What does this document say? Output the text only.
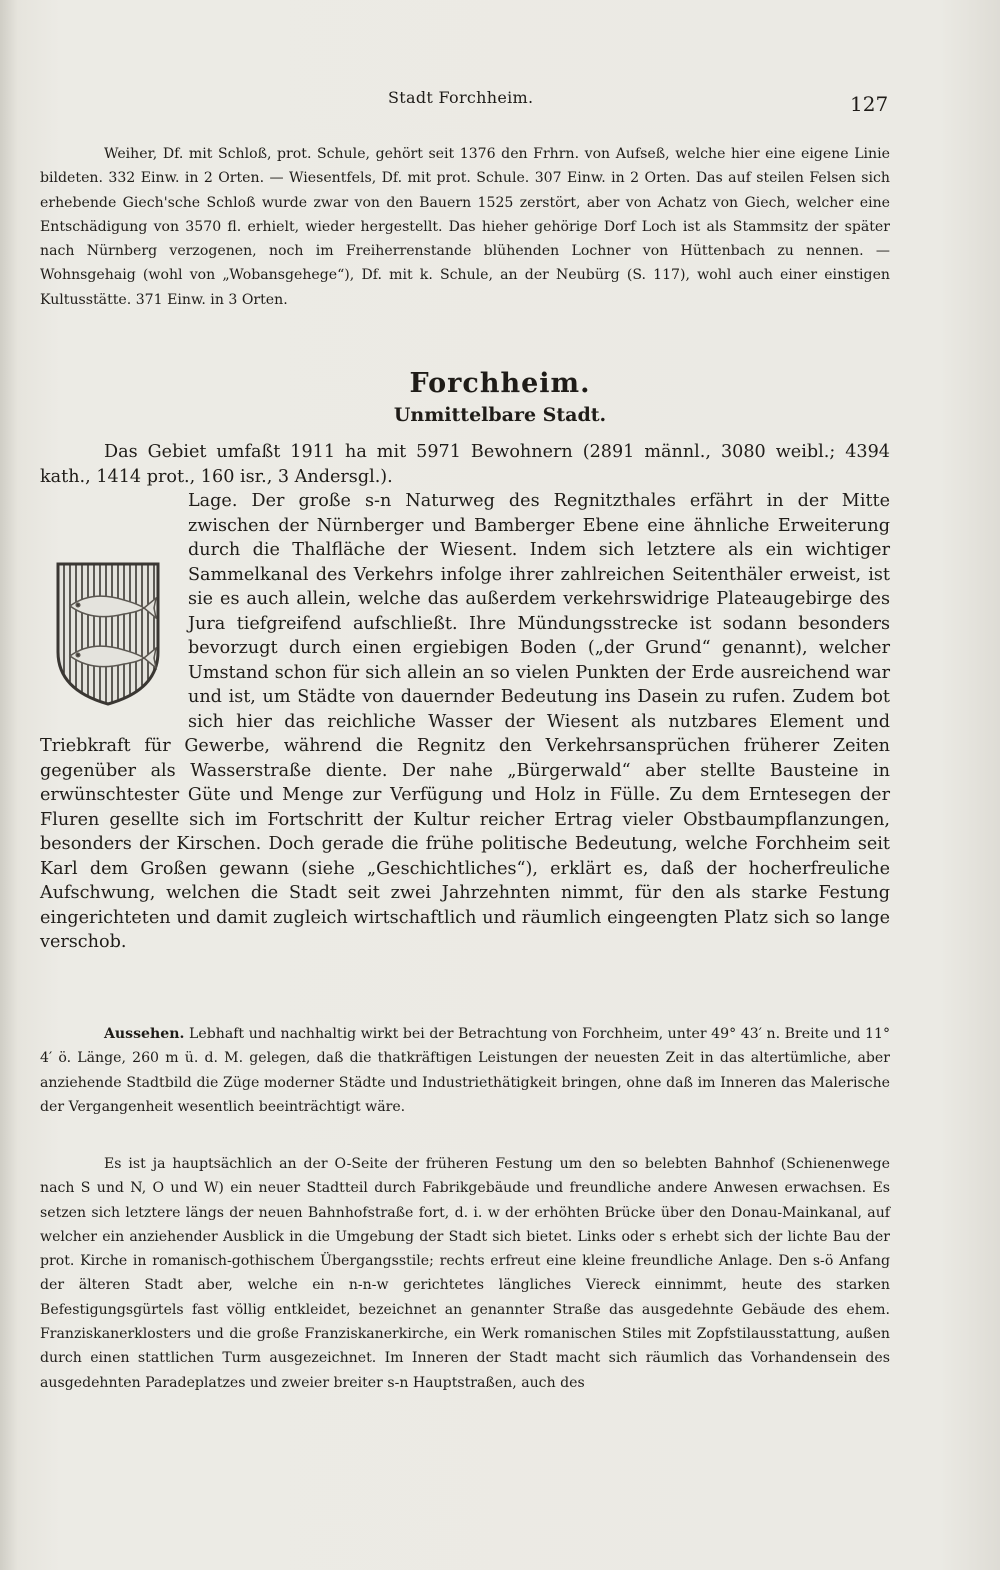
Stadt Forchheim.	127

Weiher, Df. mit Schloß, prot. Schule, gehört seit 1376 den Frhrn. von Aufseß, welche hier eine eigene Linie bildeten. 332 Einw. in 2 Orten. — Wiesentfels, Df. mit prot. Schule. 307 Einw. in 2 Orten. Das auf steilen Felsen sich erhebende Giech'sche Schloß wurde zwar von den Bauern 1525 zerstört, aber von Achatz von Giech, welcher eine Entschädigung von 3570 fl. erhielt, wieder hergestellt. Das hieher gehörige Dorf Loch ist als Stammsitz der später nach Nürnberg verzogenen, noch im Freiherrenstande blühenden Lochner von Hüttenbach zu nennen. — Wohnsgehaig (wohl von „Wobansgehege“), Df. mit k. Schule, an der Neubürg (S. 117), wohl auch einer einstigen Kultusstätte. 371 Einw. in 3 Orten.

Forchheim.
Unmittelbare Stadt.

Das Gebiet umfaßt 1911 ha mit 5971 Bewohnern (2891 männl., 3080 weibl.; 4394 kath., 1414 prot., 160 isr., 3 Andersgl.).

Lage. Der große s-n Naturweg des Regnitzthales erfährt in der Mitte zwischen der Nürnberger und Bamberger Ebene eine ähnliche Erweiterung durch die Thalfläche der Wiesent. Indem sich letztere als ein wichtiger Sammelkanal des Verkehrs infolge ihrer zahlreichen Seitenthäler erweist, ist sie es auch allein, welche das außerdem verkehrswidrige Plateaugebirge des Jura tiefgreifend aufschließt. Ihre Mündungsstrecke ist sodann besonders bevorzugt durch einen ergiebigen Boden („der Grund“ genannt), welcher Umstand schon für sich allein an so vielen Punkten der Erde ausreichend war und ist, um Städte von dauernder Bedeutung ins Dasein zu rufen. Zudem bot sich hier das reichliche Wasser der Wiesent als nutzbares Element und Triebkraft für Gewerbe, während die Regnitz den Verkehrsansprüchen früherer Zeiten gegenüber als Wasserstraße diente. Der nahe „Bürgerwald“ aber stellte Bausteine in erwünschtester Güte und Menge zur Verfügung und Holz in Fülle. Zu dem Erntesegen der Fluren gesellte sich im Fortschritt der Kultur reicher Ertrag vieler Obstbaumpflanzungen, besonders der Kirschen. Doch gerade die frühe politische Bedeutung, welche Forchheim seit Karl dem Großen gewann (siehe „Geschichtliches“), erklärt es, daß der hocherfreuliche Aufschwung, welchen die Stadt seit zwei Jahrzehnten nimmt, für den als starke Festung eingerichteten und damit zugleich wirtschaftlich und räumlich eingeengten Platz sich so lange verschob.

Aussehen. Lebhaft und nachhaltig wirkt bei der Betrachtung von Forchheim, unter 49° 43′ n. Breite und 11° 4′ ö. Länge, 260 m ü. d. M. gelegen, daß die thatkräftigen Leistungen der neuesten Zeit in das altertümliche, aber anziehende Stadtbild die Züge moderner Städte und Industriethätigkeit bringen, ohne daß im Inneren das Malerische der Vergangenheit wesentlich beeinträchtigt wäre.

Es ist ja hauptsächlich an der O-Seite der früheren Festung um den so belebten Bahnhof (Schienenwege nach S und N, O und W) ein neuer Stadtteil durch Fabrikgebäude und freundliche andere Anwesen erwachsen. Es setzen sich letztere längs der neuen Bahnhofstraße fort, d. i. w der erhöhten Brücke über den Donau-Mainkanal, auf welcher ein anziehender Ausblick in die Umgebung der Stadt sich bietet. Links oder s erhebt sich der lichte Bau der prot. Kirche in romanisch-gothischem Übergangsstile; rechts erfreut eine kleine freundliche Anlage. Den s-ö Anfang der älteren Stadt aber, welche ein n-n-w gerichtetes längliches Viereck einnimmt, heute des starken Befestigungsgürtels fast völlig entkleidet, bezeichnet an genannter Straße das ausgedehnte Gebäude des ehem. Franziskanerklosters und die große Franziskanerkirche, ein Werk romanischen Stiles mit Zopfstilausstattung, außen durch einen stattlichen Turm ausgezeichnet. Im Inneren der Stadt macht sich räumlich das Vorhandensein des ausgedehnten Paradeplatzes und zweier breiter s-n Hauptstraßen, auch des
